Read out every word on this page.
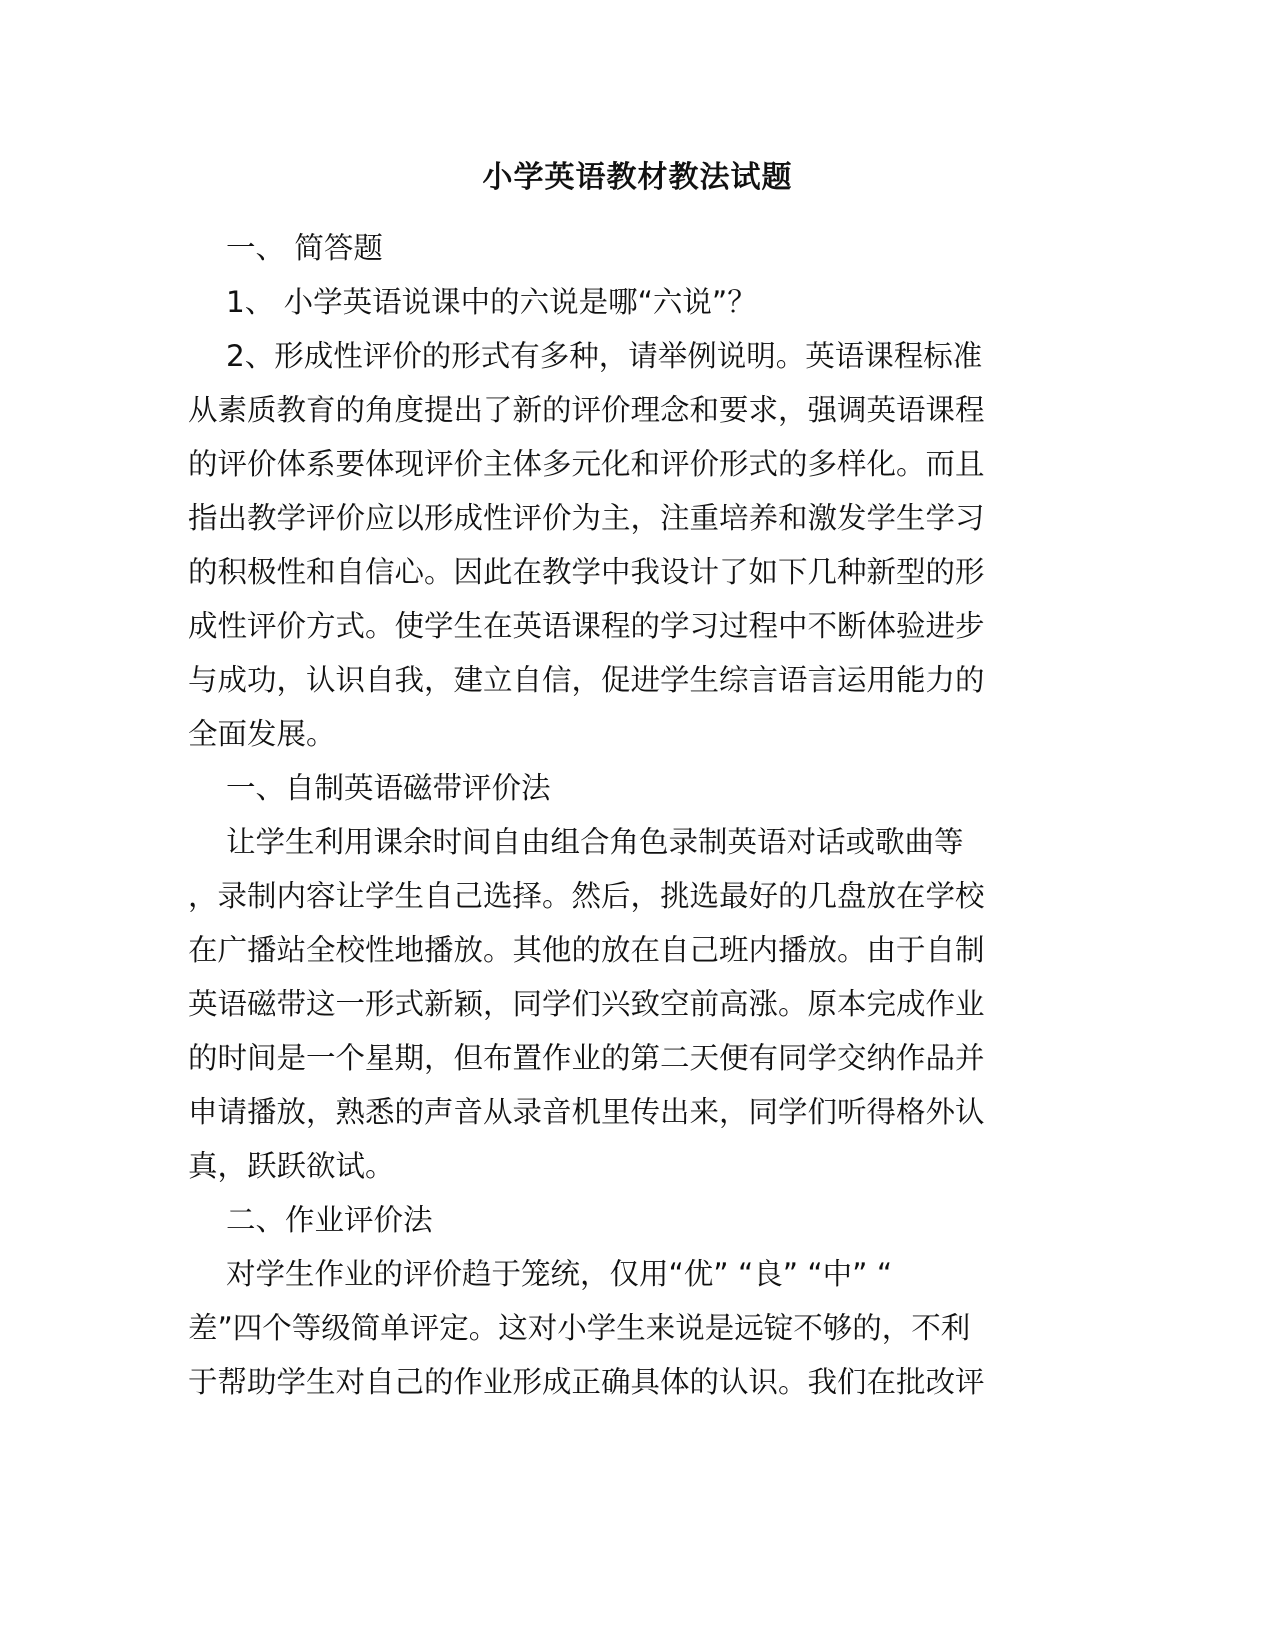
小学英语教材教法试题
一、 简答题
1、 小学英语说课中的六说是哪“六说”？
2、形成性评价的形式有多种，请举例说明。英语课程标准
从素质教育的角度提出了新的评价理念和要求，强调英语课程
的评价体系要体现评价主体多元化和评价形式的多样化。而且
指出教学评价应以形成性评价为主，注重培养和激发学生学习
的积极性和自信心。因此在教学中我设计了如下几种新型的形
成性评价方式。使学生在英语课程的学习过程中不断体验进步
与成功，认识自我，建立自信，促进学生综言语言运用能力的
全面发展。
一、自制英语磁带评价法
让学生利用课余时间自由组合角色录制英语对话或歌曲等
，录制内容让学生自己选择。然后，挑选最好的几盘放在学校
在广播站全校性地播放。其他的放在自己班内播放。由于自制
英语磁带这一形式新颖，同学们兴致空前高涨。原本完成作业
的时间是一个星期，但布置作业的第二天便有同学交纳作品并
申请播放，熟悉的声音从录音机里传出来，同学们听得格外认
真，跃跃欲试。
二、作业评价法
对学生作业的评价趋于笼统，仅用“优” “良” “中” “
差”四个等级简单评定。这对小学生来说是远锭不够的，不利
于帮助学生对自己的作业形成正确具体的认识。我们在批改评
